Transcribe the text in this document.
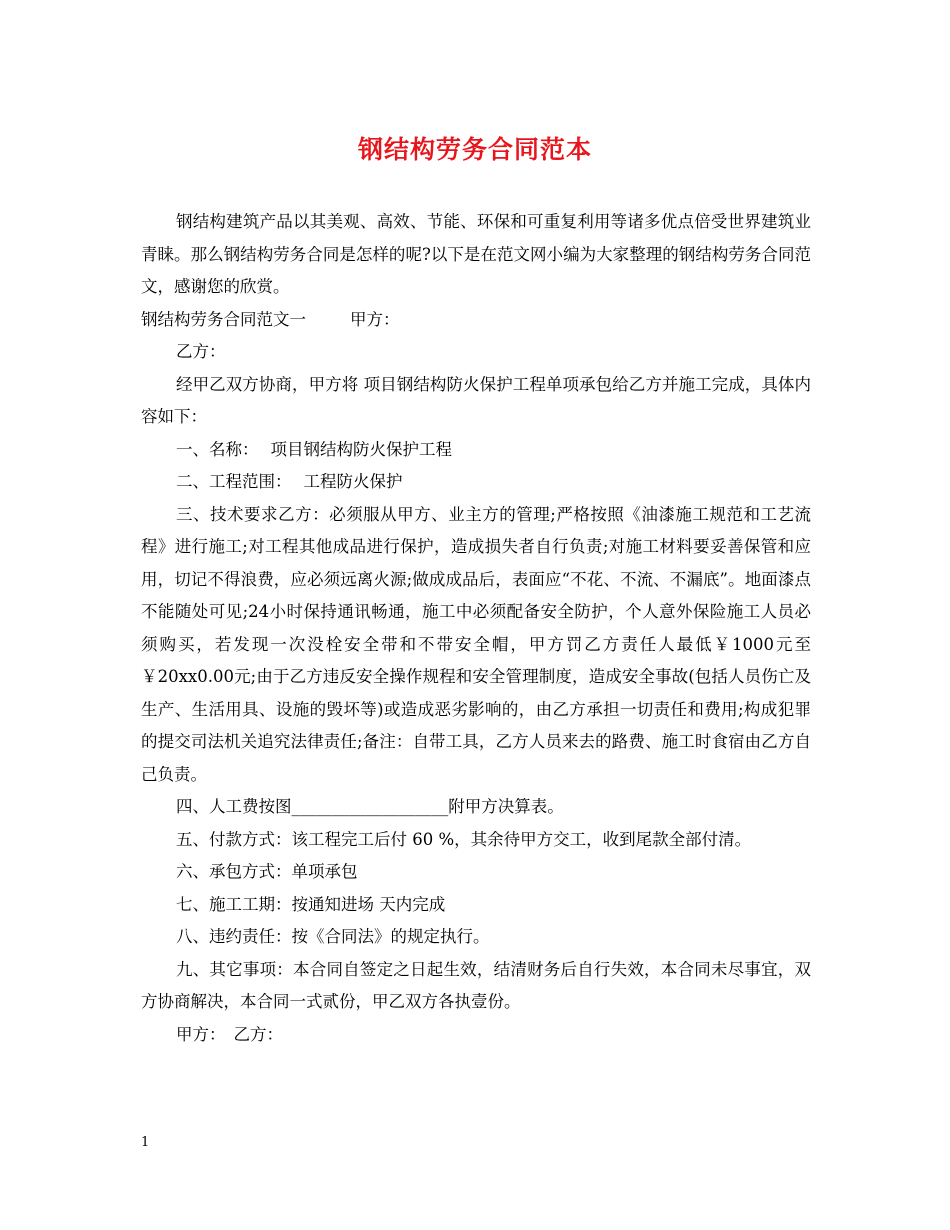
钢结构劳务合同范本

钢结构建筑产品以其美观、高效、节能、环保和可重复利用等诸多优点倍受世界建筑业青睐。那么钢结构劳务合同是怎样的呢?以下是在范文网小编为大家整理的钢结构劳务合同范文，感谢您的欣赏。

钢结构劳务合同范文一	甲方：

乙方：

经甲乙双方协商，甲方将 项目钢结构防火保护工程单项承包给乙方并施工完成，具体内容如下：

一、名称： 项目钢结构防火保护工程

二、工程范围： 工程防火保护

三、技术要求乙方：必须服从甲方、业主方的管理;严格按照《油漆施工规范和工艺流程》进行施工;对工程其他成品进行保护，造成损失者自行负责;对施工材料要妥善保管和应用，切记不得浪费，应必须远离火源;做成成品后，表面应“不花、不流、不漏底”。地面漆点不能随处可见;24小时保持通讯畅通，施工中必须配备安全防护，个人意外保险施工人员必须购买，若发现一次没栓安全带和不带安全帽，甲方罚乙方责任人最低￥1000元至￥20xx0.00元;由于乙方违反安全操作规程和安全管理制度，造成安全事故(包括人员伤亡及生产、生活用具、设施的毁坏等)或造成恶劣影响的，由乙方承担一切责任和费用;构成犯罪的提交司法机关追究法律责任;备注：自带工具，乙方人员来去的路费、施工时食宿由乙方自己负责。

四、人工费按图___________________附甲方决算表。

五、付款方式：该工程完工后付 60 %，其余待甲方交工，收到尾款全部付清。

六、承包方式：单项承包

七、施工工期：按通知进场 天内完成

八、违约责任：按《合同法》的规定执行。

九、其它事项：本合同自签定之日起生效，结清财务后自行失效，本合同未尽事宜，双方协商解决，本合同一式贰份，甲乙双方各执壹份。

甲方： 乙方：

1
